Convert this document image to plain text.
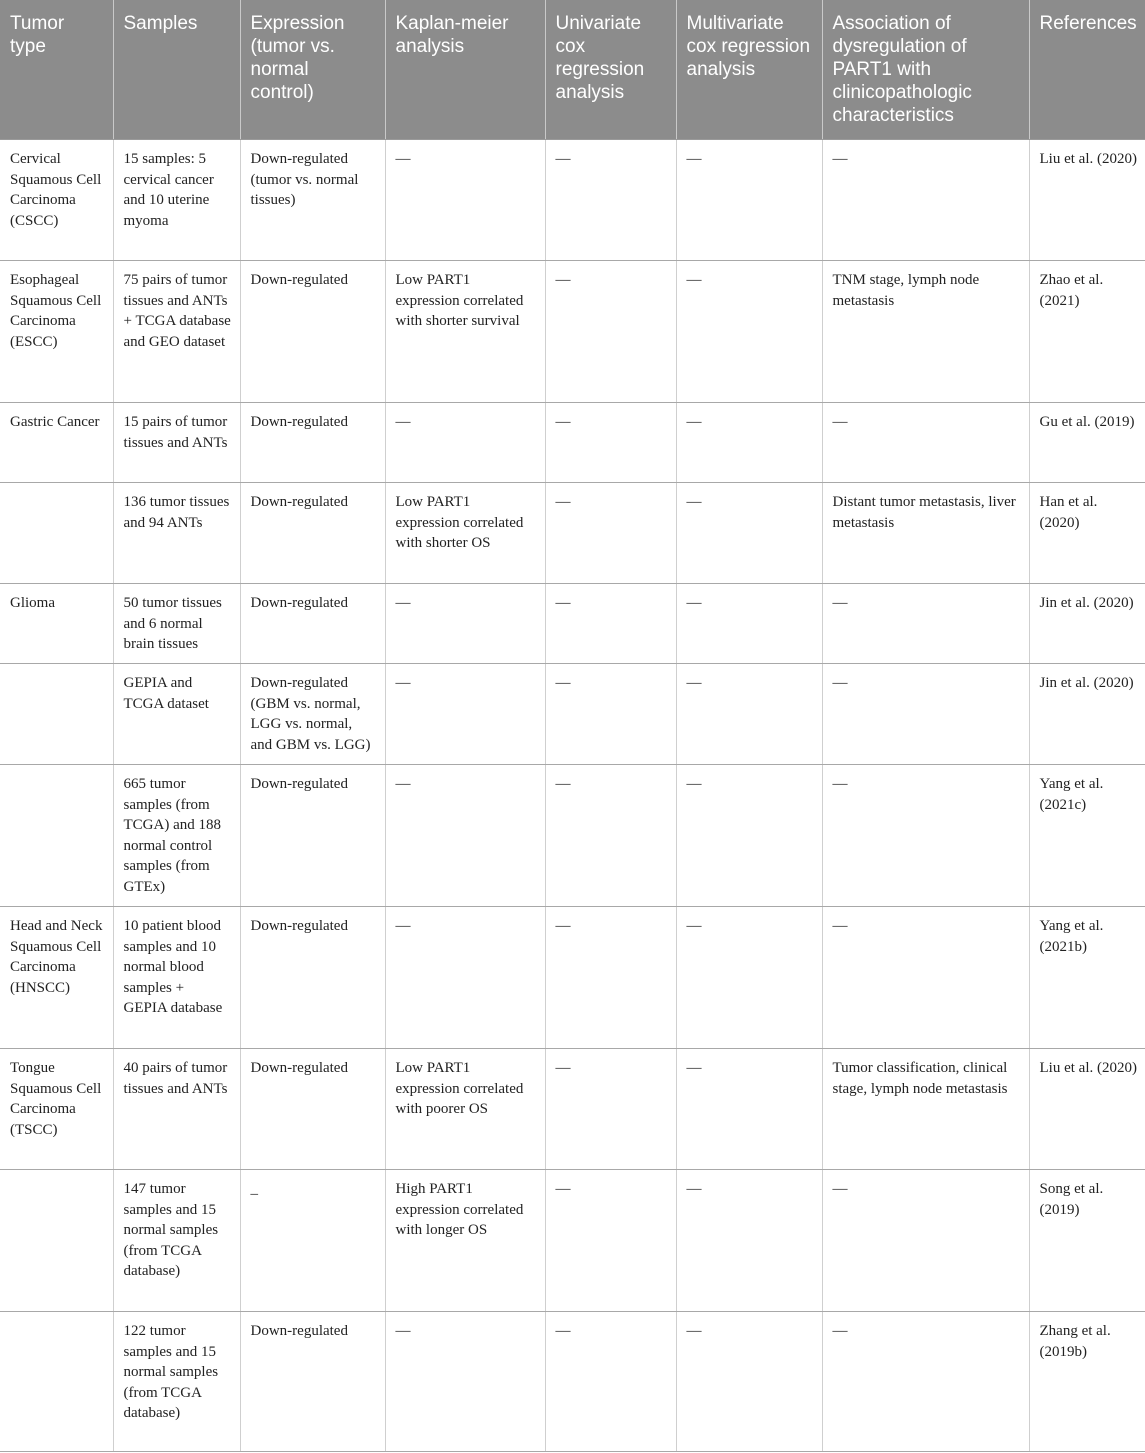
Tumor type	Samples	Expression (tumor vs. normal control)	Kaplan-meier analysis	Univariate cox regression analysis	Multivariate cox regression analysis	Association of dysregulation of PART1 with clinicopathologic characteristics	References

Cervical Squamous Cell Carcinoma (CSCC)	15 samples: 5 cervical cancer and 10 uterine myoma	Down-regulated (tumor vs. normal tissues)	—	—	—	—	Liu et al. (2020)
Esophageal Squamous Cell Carcinoma (ESCC)	75 pairs of tumor tissues and ANTs + TCGA database and GEO dataset	Down-regulated	Low PART1 expression correlated with shorter survival	—	—	TNM stage, lymph node metastasis	Zhao et al. (2021)
Gastric Cancer	15 pairs of tumor tissues and ANTs	Down-regulated	—	—	—	—	Gu et al. (2019)
	136 tumor tissues and 94 ANTs	Down-regulated	Low PART1 expression correlated with shorter OS	—	—	Distant tumor metastasis, liver metastasis	Han et al. (2020)
Glioma	50 tumor tissues and 6 normal brain tissues	Down-regulated	—	—	—	—	Jin et al. (2020)
	GEPIA and TCGA dataset	Down-regulated (GBM vs. normal, LGG vs. normal, and GBM vs. LGG)	—	—	—	—	Jin et al. (2020)
	665 tumor samples (from TCGA) and 188 normal control samples (from GTEx)	Down-regulated	—	—	—	—	Yang et al. (2021c)
Head and Neck Squamous Cell Carcinoma (HNSCC)	10 patient blood samples and 10 normal blood samples + GEPIA database	Down-regulated	—	—	—	—	Yang et al. (2021b)
Tongue Squamous Cell Carcinoma (TSCC)	40 pairs of tumor tissues and ANTs	Down-regulated	Low PART1 expression correlated with poorer OS	—	—	Tumor classification, clinical stage, lymph node metastasis	Liu et al. (2020)
	147 tumor samples and 15 normal samples (from TCGA database)	_	High PART1 expression correlated with longer OS	—	—	—	Song et al. (2019)
	122 tumor samples and 15 normal samples (from TCGA database)	Down-regulated	—	—	—	—	Zhang et al. (2019b)
